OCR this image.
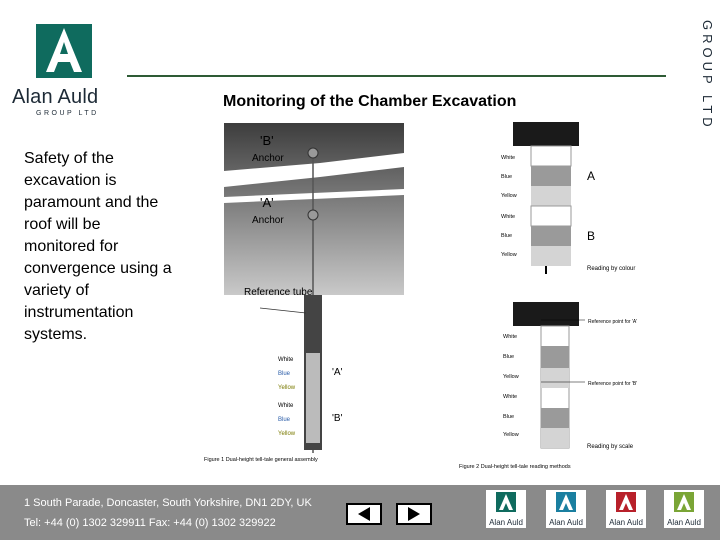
Alan Auld
GROUP LTD
Monitoring of the Chamber Excavation	GROUP LTD
Safety of the excavation is paramount and the roof will be monitored for convergence using a variety of instrumentation systems.
'B'
Anchor
'A'
Anchor
Reference tube
White
Blue
Yellow
White
Blue
Yellow
'A'
'B'
Figure 1 Dual-height tell-tale general assembly
White
Blue
Yellow
White
Blue
Yellow
A
B
Reading by colour
White
Blue
Yellow
White
Blue
Yellow
Reference point for 'A'
Reference point for 'B'
Reading by scale
Figure 2 Dual-height tell-tale reading methods
1 South Parade, Doncaster, South Yorkshire, DN1 2DY, UK
Tel: +44 (0) 1302 329911 Fax: +44 (0) 1302 329922	Alan Auld	Alan Auld	Alan Auld	Alan Auld
